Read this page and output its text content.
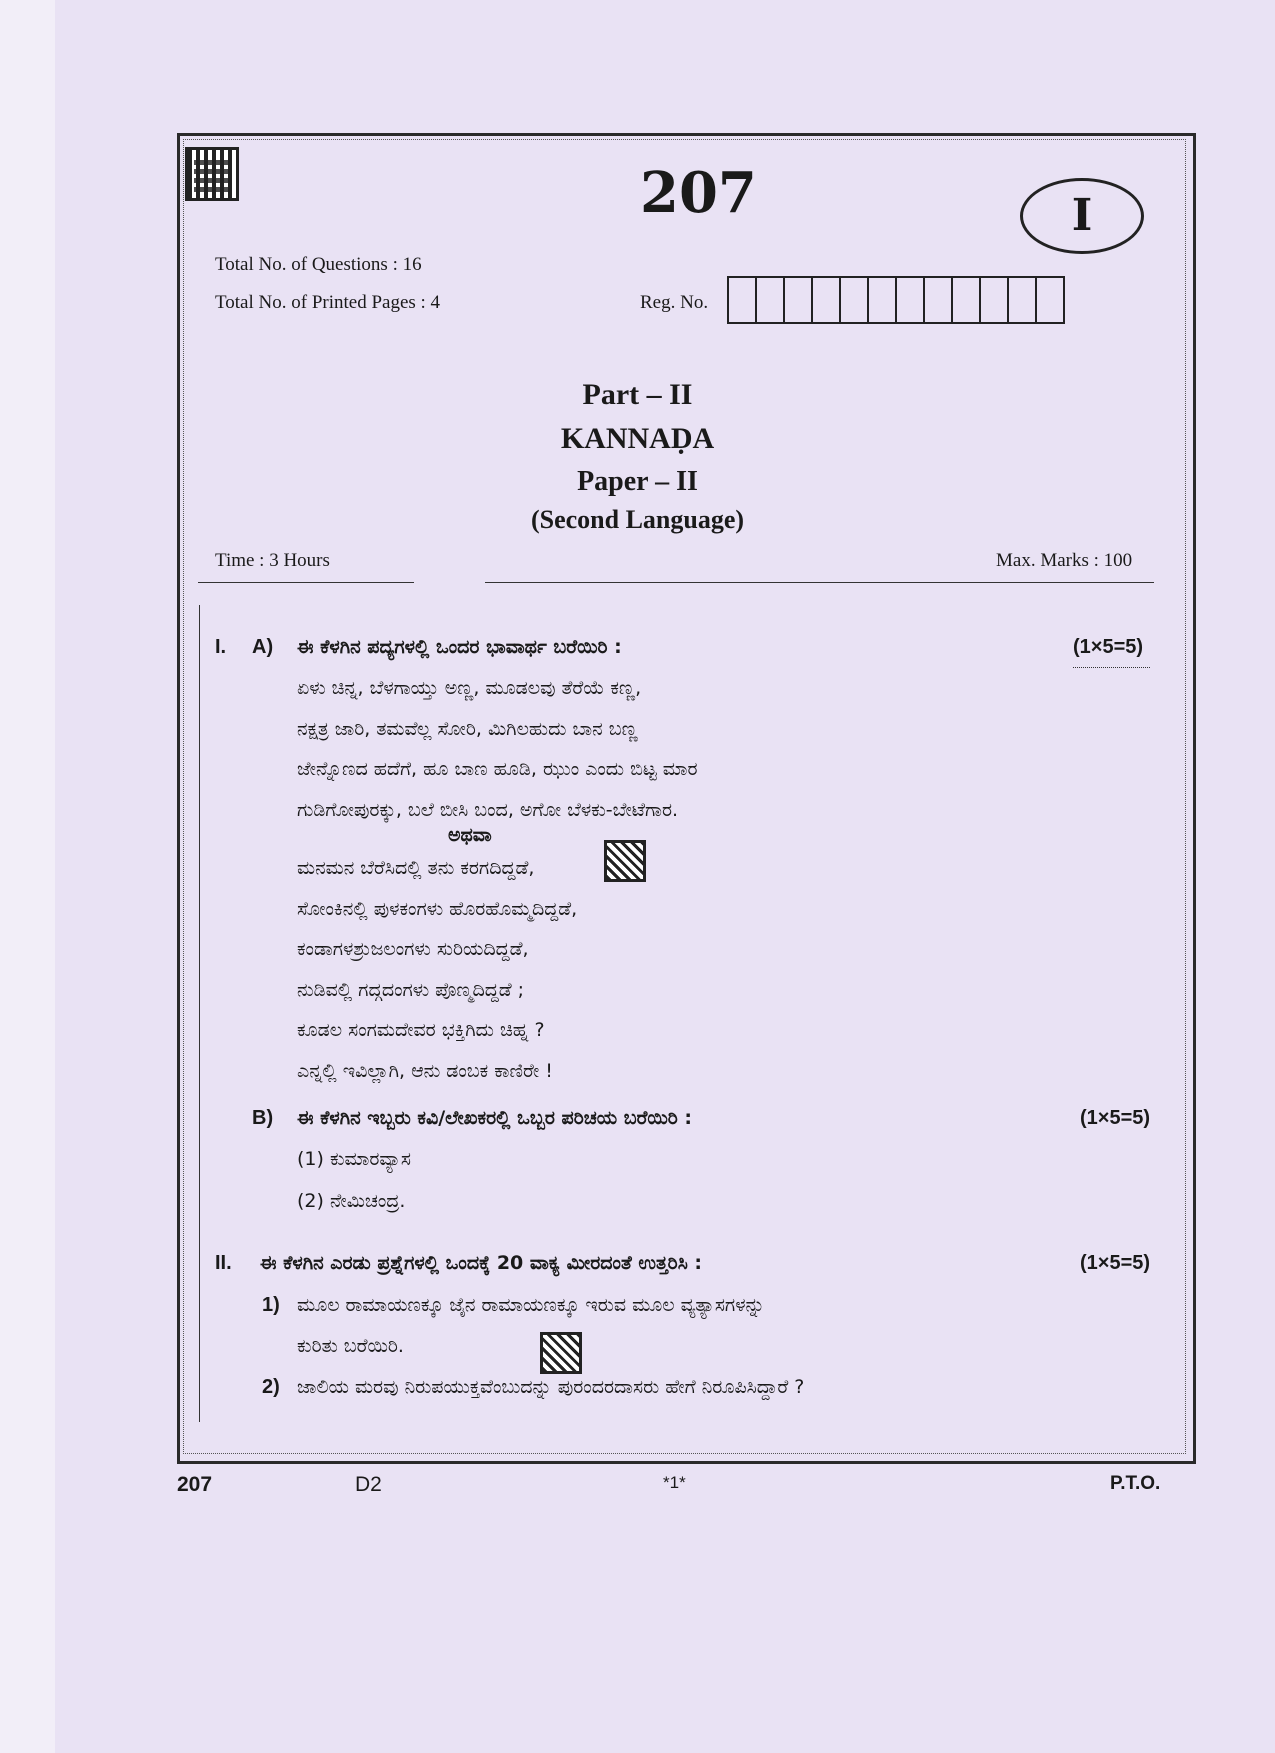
207	I
Total No. of Questions : 16
Total No. of Printed Pages : 4	Reg. No.
Part – II
KANNAḌA
Paper – II
(Second Language)
Time : 3 Hours	Max. Marks : 100
I. A) ಈ ಕೆಳಗಿನ ಪದ್ಯಗಳಲ್ಲಿ ಒಂದರ ಭಾವಾರ್ಥ ಬರೆಯಿರಿ :	(1×5=5)
ಏಳು ಚಿನ್ನ, ಬೆಳಗಾಯ್ತು ಅಣ್ಣ, ಮೂಡಲವು ತೆರೆಯೆ ಕಣ್ಣ,
ನಕ್ಷತ್ರ ಜಾರಿ, ತಮವೆಲ್ಲ ಸೋರಿ, ಮಿಗಿಲಹುದು ಬಾನ ಬಣ್ಣ
ಜೇನ್ನೊಣದ ಹದೆಗೆ, ಹೂ ಬಾಣ ಹೂಡಿ, ಝುಂ ಎಂದು ಬಿಟ್ಟ ಮಾರ
ಗುಡಿಗೋಪುರಕ್ಕು, ಬಲೆ ಬೀಸಿ ಬಂದ, ಅಗೋ ಬೆಳಕು-ಬೇಟೆಗಾರ.
ಅಥವಾ
ಮನಮನ ಬೆರೆಸಿದಲ್ಲಿ ತನು ಕರಗದಿದ್ದಡೆ,
ಸೋಂಕಿನಲ್ಲಿ ಪುಳಕಂಗಳು ಹೊರಹೊಮ್ಮದಿದ್ದಡೆ,
ಕಂಡಾಗಳಶ್ರುಜಲಂಗಳು ಸುರಿಯದಿದ್ದಡೆ,
ನುಡಿವಲ್ಲಿ ಗದ್ಗದಂಗಳು ಪೊಣ್ಮದಿದ್ದಡೆ ;
ಕೂಡಲ ಸಂಗಮದೇವರ ಭಕ್ತಿಗಿದು ಚಿಹ್ನ ?
ಎನ್ನಲ್ಲಿ ಇವಿಲ್ಲಾಗಿ, ಆನು ಡಂಬಕ ಕಾಣಿರೇ !
B) ಈ ಕೆಳಗಿನ ಇಬ್ಬರು ಕವಿ/ಲೇಖಕರಲ್ಲಿ ಒಬ್ಬರ ಪರಿಚಯ ಬರೆಯಿರಿ :	(1×5=5)
(1) ಕುಮಾರವ್ಯಾಸ
(2) ನೇಮಿಚಂದ್ರ.
II. ಈ ಕೆಳಗಿನ ಎರಡು ಪ್ರಶ್ನೆಗಳಲ್ಲಿ ಒಂದಕ್ಕೆ 20 ವಾಕ್ಯ ಮೀರದಂತೆ ಉತ್ತರಿಸಿ :	(1×5=5)
1) ಮೂಲ ರಾಮಾಯಣಕ್ಕೂ ಜೈನ ರಾಮಾಯಣಕ್ಕೂ ಇರುವ ಮೂಲ ವ್ಯತ್ಯಾಸಗಳನ್ನು
ಕುರಿತು ಬರೆಯಿರಿ.
2) ಜಾಲಿಯ ಮರವು ನಿರುಪಯುಕ್ತವೆಂಬುದನ್ನು ಪುರಂದರದಾಸರು ಹೇಗೆ ನಿರೂಪಿಸಿದ್ದಾರೆ ?
207	D2	*1*	P.T.O.
